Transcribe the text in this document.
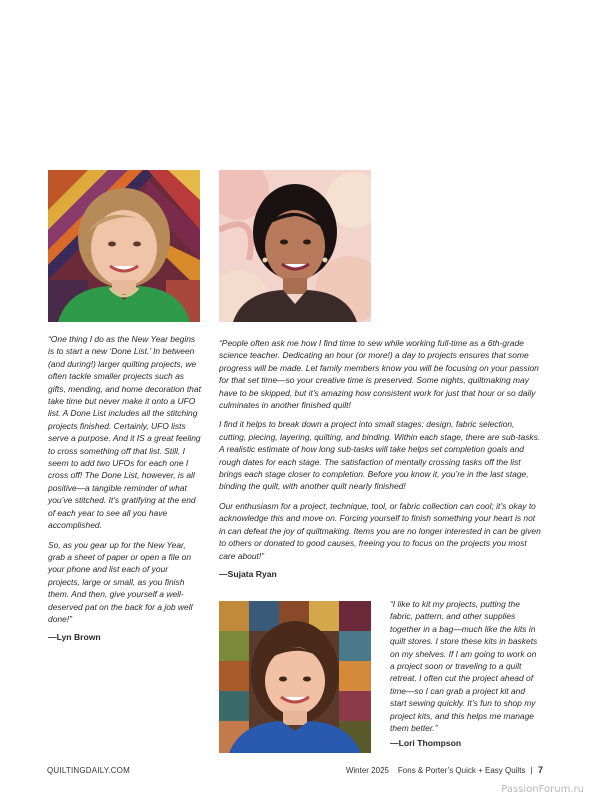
“One thing I do as the New Year begins is to start a new ‘Done List.’ In between (and during!) larger quilting projects, we often tackle smaller projects such as gifts, mending, and home decoration that take time but never make it onto a UFO list. A Done List includes all the stitching projects finished. Certainly, UFO lists serve a purpose. And it IS a great feeling to cross something off that list. Still, I seem to add two UFOs for each one I cross off! The Done List, however, is all positive—a tangible reminder of what you’ve stitched. It’s gratifying at the end of each year to see all you have accomplished.

So, as you gear up for the New Year, grab a sheet of paper or open a file on your phone and list each of your projects, large or small, as you finish them. And then, give yourself a well-deserved pat on the back for a job well done!”

—Lyn Brown

“People often ask me how I find time to sew while working full-time as a 6th-grade science teacher. Dedicating an hour (or more!) a day to projects ensures that some progress will be made. Let family members know you will be focusing on your passion for that set time—so your creative time is preserved. Some nights, quiltmaking may have to be skipped, but it’s amazing how consistent work for just that hour or so daily culminates in another finished quilt!

I find it helps to break down a project into small stages: design, fabric selection, cutting, piecing, layering, quilting, and binding. Within each stage, there are sub-tasks. A realistic estimate of how long sub-tasks will take helps set completion goals and rough dates for each stage. The satisfaction of mentally crossing tasks off the list brings each stage closer to completion. Before you know it, you’re in the last stage, binding the quilt, with another quilt nearly finished!

Our enthusiasm for a project, technique, tool, or fabric collection can cool; it’s okay to acknowledge this and move on. Forcing yourself to finish something your heart is not in can defeat the joy of quiltmaking. Items you are no longer interested in can be given to others or donated to good causes, freeing you to focus on the projects you most care about!”

—Sujata Ryan

“I like to kit my projects, putting the fabric, pattern, and other supplies together in a bag—much like the kits in quilt stores. I store these kits in baskets on my shelves. If I am going to work on a project soon or traveling to a quilt retreat, I often cut the project ahead of time—so I can grab a project kit and start sewing quickly. It’s fun to shop my project kits, and this helps me manage them better.”

—Lori Thompson
QUILTINGDAILY.COM	Winter 2025 Fons & Porter’s Quick + Easy Quilts | 7
PassionForum.ru
